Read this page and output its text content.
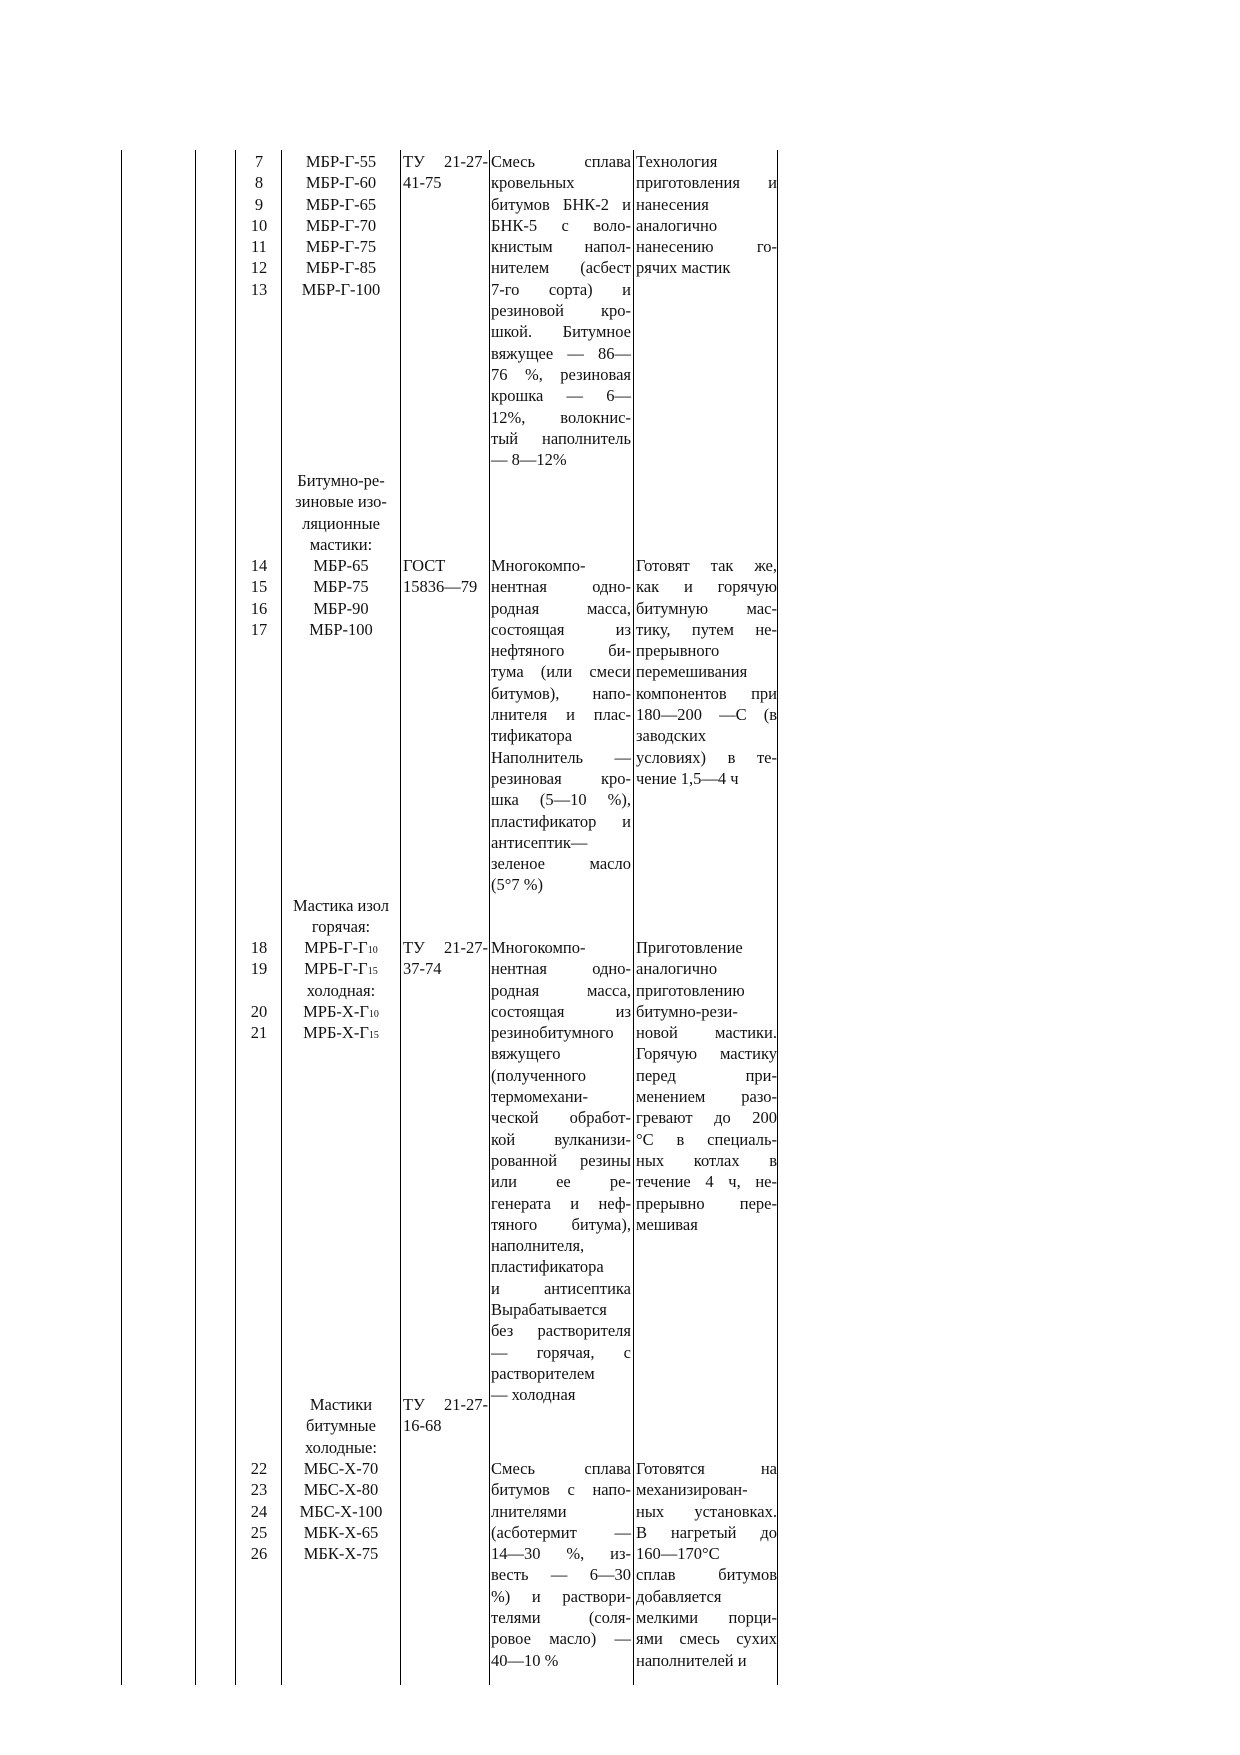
7
8
9
10
11
12
13
МБР-Г-55
МБР-Г-60
МБР-Г-65
МБР-Г-70
МБР-Г-75
МБР-Г-85
МБР-Г-100
ТУ 21-27-
41-75
Смесь сплава
кровельных
битумов БНК-2 и
БНК-5 с воло-
книстым напол-
нителем (асбест
7-го сорта) и
резиновой кро-
шкой. Битумное
вяжущее — 86—
76 %, резиновая
крошка — 6—
12%, волокнис-
тый наполнитель
— 8—12%
Технология
приготовления и
нанесения
аналогично
нанесению го-
рячих мастик
Битумно-ре-
зиновые изо-
ляционные
мастики:
14
15
16
17
МБР-65
МБР-75
МБР-90
МБР-100
ГОСТ
15836—79
Многокомпо-
нентная одно-
родная масса,
состоящая из
нефтяного би-
тума (или смеси
битумов), напо-
лнителя и плас-
тификатора
Наполнитель —
резиновая кро-
шка (5—10 %),
пластификатор и
антисептик—
зеленое масло
(5°7 %)
Готовят так же,
как и горячую
битумную мас-
тику, путем не-
прерывного
перемешивания
компонентов при
180—200 —С (в
заводских
условиях) в те-
чение 1,5—4 ч
Мастика изол
горячая:
18
19
МРБ-Г-Г10
МРБ-Г-Г15
холодная:
20
21
МРБ-Х-Г10
МРБ-Х-Г15
ТУ 21-27-
37-74
Многокомпо-
нентная одно-
родная масса,
состоящая из
резинобитумного
вяжущего
(полученного
термомехани-
ческой обработ-
кой вулканизи-
рованной резины
или ее ре-
генерата и неф-
тяного битума),
наполнителя,
пластификатора
и антисептика
Вырабатывается
без растворителя
— горячая, с
растворителем
— холодная
Приготовление
аналогично
приготовлению
битумно-рези-
новой мастики.
Горячую мастику
перед при-
менением разо-
гревают до 200
°С в специаль-
ных котлах в
течение 4 ч, не-
прерывно пере-
мешивая
Мастики
битумные
холодные:
ТУ 21-27-
16-68
22
23
24
25
26
МБС-Х-70
МБС-Х-80
МБС-Х-100
МБК-Х-65
МБК-Х-75
Смесь сплава
битумов с напо-
лнителями
(асботермит —
14—30 %, из-
весть — 6—30
%) и раствори-
телями (соля-
ровое масло) —
40—10 %
Готовятся на
механизирован-
ных установках.
В нагретый до
160—170°С
сплав битумов
добавляется
мелкими порци-
ями смесь сухих
наполнителей и
